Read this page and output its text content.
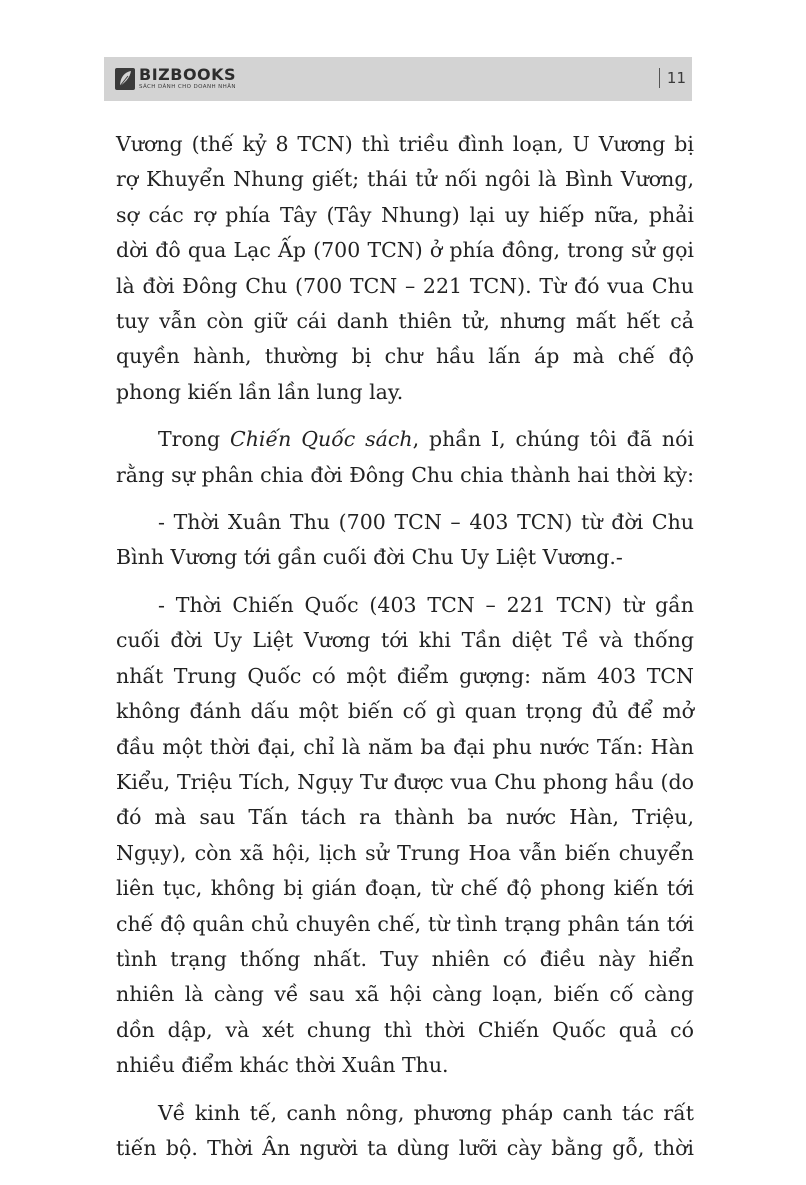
BIZBOOKS
SÁCH DÀNH CHO DOANH NHÂN
11

Vương (thế kỷ 8 TCN) thì triều đình loạn, U Vương bị rợ Khuyển Nhung giết; thái tử nối ngôi là Bình Vương, sợ các rợ phía Tây (Tây Nhung) lại uy hiếp nữa, phải dời đô qua Lạc Ấp (700 TCN) ở phía đông, trong sử gọi là đời Đông Chu (700 TCN – 221 TCN). Từ đó vua Chu tuy vẫn còn giữ cái danh thiên tử, nhưng mất hết cả quyền hành, thường bị chư hầu lấn áp mà chế độ phong kiến lần lần lung lay.

Trong Chiến Quốc sách, phần I, chúng tôi đã nói rằng sự phân chia đời Đông Chu chia thành hai thời kỳ:

- Thời Xuân Thu (700 TCN – 403 TCN) từ đời Chu Bình Vương tới gần cuối đời Chu Uy Liệt Vương.-

- Thời Chiến Quốc (403 TCN – 221 TCN) từ gần cuối đời Uy Liệt Vương tới khi Tần diệt Tề và thống nhất Trung Quốc có một điểm gượng: năm 403 TCN không đánh dấu một biến cố gì quan trọng đủ để mở đầu một thời đại, chỉ là năm ba đại phu nước Tấn: Hàn Kiểu, Triệu Tích, Ngụy Tư được vua Chu phong hầu (do đó mà sau Tấn tách ra thành ba nước Hàn, Triệu, Ngụy), còn xã hội, lịch sử Trung Hoa vẫn biến chuyển liên tục, không bị gián đoạn, từ chế độ phong kiến tới chế độ quân chủ chuyên chế, từ tình trạng phân tán tới tình trạng thống nhất. Tuy nhiên có điều này hiển nhiên là càng về sau xã hội càng loạn, biến cố càng dồn dập, và xét chung thì thời Chiến Quốc quả có nhiều điểm khác thời Xuân Thu.

Về kinh tế, canh nông, phương pháp canh tác rất tiến bộ. Thời Ân người ta dùng lưỡi cày bằng gỗ, thời
